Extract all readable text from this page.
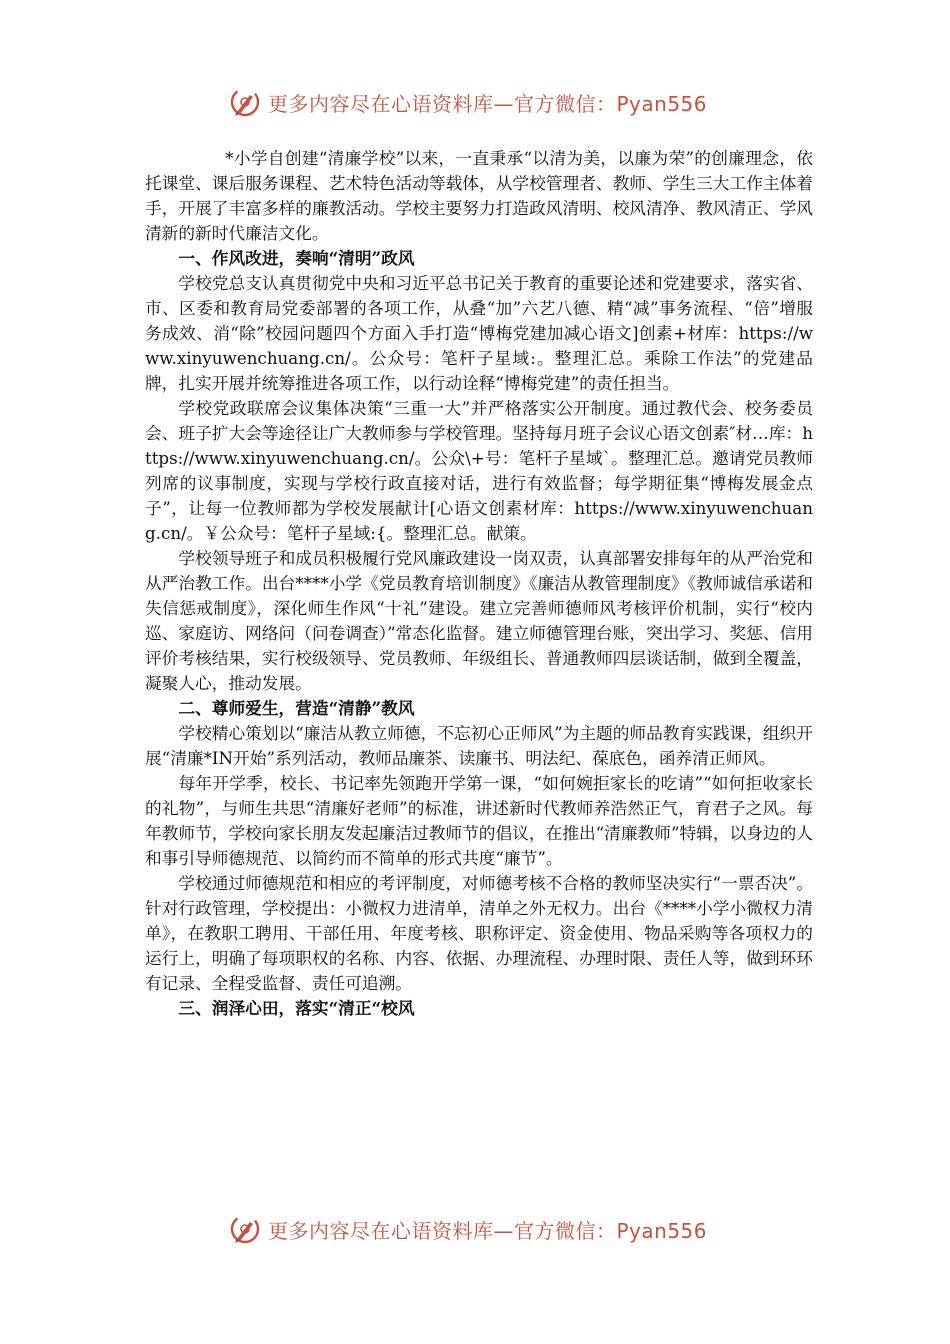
更多内容尽在心语资料库—官方微信：Pyan556

*小学自创建“清廉学校”以来，一直秉承“以清为美，以廉为荣”的创廉理念，依托课堂、课后服务课程、艺术特色活动等载体，从学校管理者、教师、学生三大工作主体着手，开展了丰富多样的廉教活动。学校主要努力打造政风清明、校风清净、教风清正、学风清新的新时代廉洁文化。

一、作风改进，奏响“清明”政风

学校党总支认真贯彻党中央和习近平总书记关于教育的重要论述和党建要求，落实省、市、区委和教育局党委部署的各项工作，从叠“加”六艺八德、精“减”事务流程、“倍”增服务成效、消“除”校园问题四个方面入手打造“博梅党建加减心语文]创素+材库：https://www.xinyuwenchuang.cn/。公众号：笔杆子星域:。整理汇总。乘除工作法”的党建品牌，扎实开展并统筹推进各项工作，以行动诠释“博梅党建”的责任担当。

学校党政联席会议集体决策“三重一大”并严格落实公开制度。通过教代会、校务委员会、班子扩大会等途径让广大教师参与学校管理。坚持每月班子会议心语文创素″材…库：https://www.xinyuwenchuang.cn/。公众\+号：笔杆子星域`。整理汇总。邀请党员教师列席的议事制度，实现与学校行政直接对话，进行有效监督；每学期征集“博梅发展金点子”，让每一位教师都为学校发展献计[心语文创素材库：https://www.xinyuwenchuang.cn/。￥公众号：笔杆子星域:{。整理汇总。献策。

学校领导班子和成员积极履行党风廉政建设一岗双责，认真部署安排每年的从严治党和从严治教工作。出台****小学《党员教育培训制度》《廉洁从教管理制度》《教师诚信承诺和失信惩戒制度》，深化师生作风“十礼”建设。建立完善师德师风考核评价机制，实行“校内巡、家庭访、网络问（问卷调查）”常态化监督。建立师德管理台账，突出学习、奖惩、信用评价考核结果，实行校级领导、党员教师、年级组长、普通教师四层谈话制，做到全覆盖，凝聚人心，推动发展。

二、尊师爱生，营造“清静”教风

学校精心策划以“廉洁从教立师德，不忘初心正师风”为主题的师品教育实践课，组织开展“清廉*IN开始”系列活动，教师品廉茶、读廉书、明法纪、葆底色，函养清正师风。

每年开学季，校长、书记率先领跑开学第一课，“如何婉拒家长的吃请”“如何拒收家长的礼物”，与师生共思“清廉好老师”的标准，讲述新时代教师养浩然正气，育君子之风。每年教师节，学校向家长朋友发起廉洁过教师节的倡议，在推出“清廉教师”特辑，以身边的人和事引导师德规范、以简约而不简单的形式共度“廉节”。

学校通过师德规范和相应的考评制度，对师德考核不合格的教师坚决实行“一票否决”。针对行政管理，学校提出：小微权力进清单，清单之外无权力。出台《****小学小微权力清单》，在教职工聘用、干部任用、年度考核、职称评定、资金使用、物品采购等各项权力的运行上，明确了每项职权的名称、内容、依据、办理流程、办理时限、责任人等，做到环环有记录、全程受监督、责任可追溯。

三、润泽心田，落实“清正“校风

更多内容尽在心语资料库—官方微信：Pyan556
